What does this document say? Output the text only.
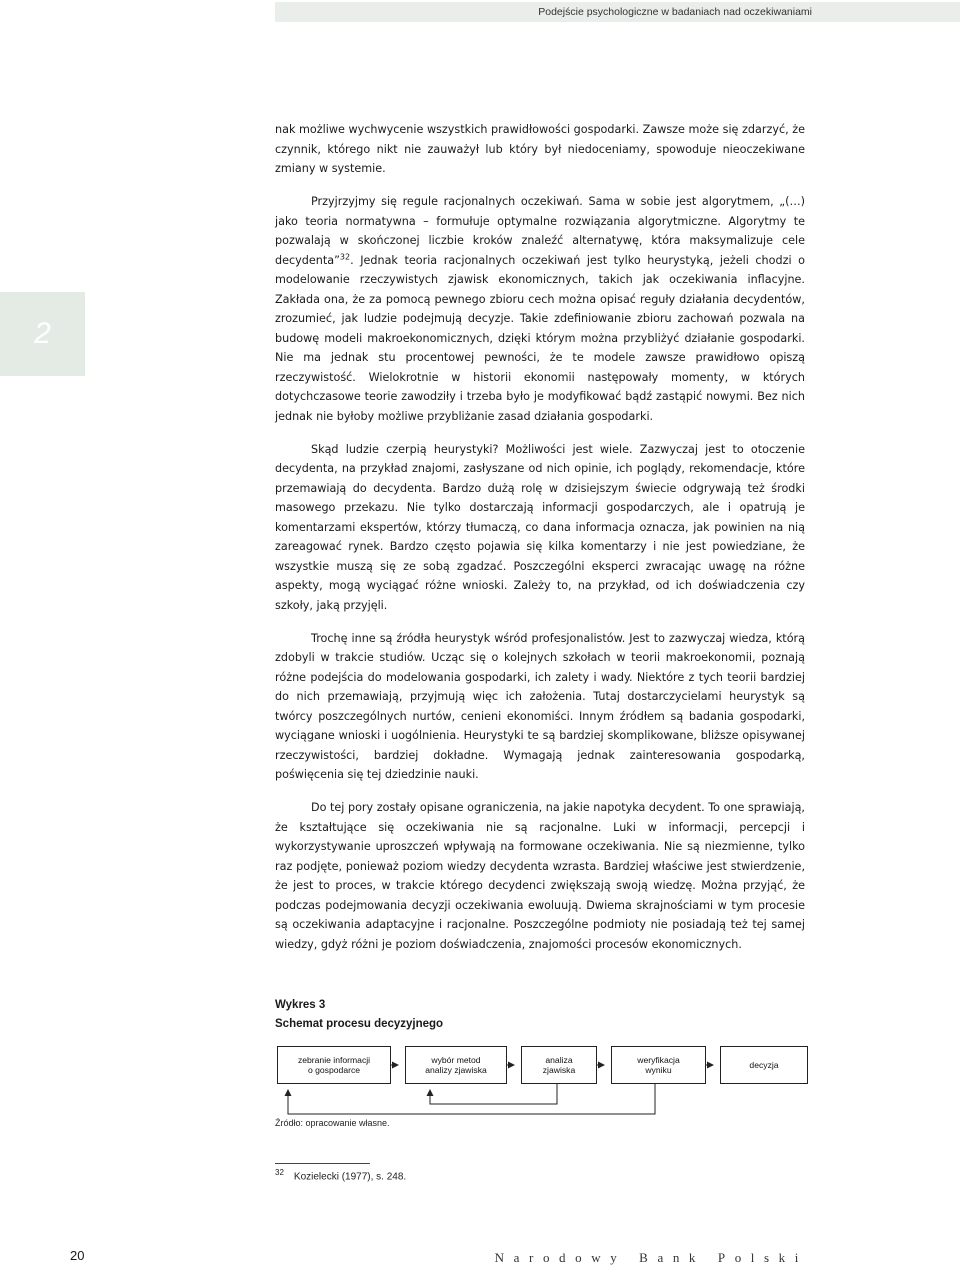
Podejście psychologiczne w badaniach nad oczekiwaniami
2

nak możliwe wychwycenie wszystkich prawidłowości gospodarki. Zawsze może się zdarzyć, że czynnik, którego nikt nie zauważył lub który był niedoceniamy, spowoduje nieoczekiwane zmiany w systemie.

Przyjrzyjmy się regule racjonalnych oczekiwań. Sama w sobie jest algorytmem, „(…) jako teoria normatywna – formułuje optymalne rozwiązania algorytmiczne. Algorytmy te pozwalają w skończonej liczbie kroków znaleźć alternatywę, która maksymalizuje cele decydenta”$^{32}$. Jednak teoria racjonalnych oczekiwań jest tylko heurystyką, jeżeli chodzi o modelowanie rzeczywistych zjawisk ekonomicznych, takich jak oczekiwania inflacyjne. Zakłada ona, że za pomocą pewnego zbioru cech można opisać reguły działania decydentów, zrozumieć, jak ludzie podejmują decyzje. Takie zdefiniowanie zbioru zachowań pozwala na budowę modeli makroekonomicznych, dzięki którym można przybliżyć działanie gospodarki. Nie ma jednak stu procentowej pewności, że te modele zawsze prawidłowo opiszą rzeczywistość. Wielokrotnie w historii ekonomii następowały momenty, w których dotychczasowe teorie zawodziły i trzeba było je modyfikować bądź zastąpić nowymi. Bez nich jednak nie byłoby możliwe przybliżanie zasad działania gospodarki.

Skąd ludzie czerpią heurystyki? Możliwości jest wiele. Zazwyczaj jest to otoczenie decydenta, na przykład znajomi, zasłyszane od nich opinie, ich poglądy, rekomendacje, które przemawiają do decydenta. Bardzo dużą rolę w dzisiejszym świecie odgrywają też środki masowego przekazu. Nie tylko dostarczają informacji gospodarczych, ale i opatrują je komentarzami ekspertów, którzy tłumaczą, co dana informacja oznacza, jak powinien na nią zareagować rynek. Bardzo często pojawia się kilka komentarzy i nie jest powiedziane, że wszystkie muszą się ze sobą zgadzać. Poszczególni eksperci zwracając uwagę na różne aspekty, mogą wyciągać różne wnioski. Zależy to, na przykład, od ich doświadczenia czy szkoły, jaką przyjęli.

Trochę inne są źródła heurystyk wśród profesjonalistów. Jest to zazwyczaj wiedza, którą zdobyli w trakcie studiów. Ucząc się o kolejnych szkołach w teorii makroekonomii, poznają różne podejścia do modelowania gospodarki, ich zalety i wady. Niektóre z tych teorii bardziej do nich przemawiają, przyjmują więc ich założenia. Tutaj dostarczycielami heurystyk są twórcy poszczególnych nurtów, cenieni ekonomiści. Innym źródłem są badania gospodarki, wyciągane wnioski i uogólnienia. Heurystyki te są bardziej skomplikowane, bliższe opisywanej rzeczywistości, bardziej dokładne. Wymagają jednak zainteresowania gospodarką, poświęcenia się tej dziedzinie nauki.

Do tej pory zostały opisane ograniczenia, na jakie napotyka decydent. To one sprawiają, że kształtujące się oczekiwania nie są racjonalne. Luki w informacji, percepcji i wykorzystywanie uproszczeń wpływają na formowane oczekiwania. Nie są niezmienne, tylko raz podjęte, ponieważ poziom wiedzy decydenta wzrasta. Bardziej właściwe jest stwierdzenie, że jest to proces, w trakcie którego decydenci zwiększają swoją wiedzę. Można przyjąć, że podczas podejmowania decyzji oczekiwania ewoluują. Dwiema skrajnościami w tym procesie są oczekiwania adaptacyjne i racjonalne. Poszczególne podmioty nie posiadają też tej samej wiedzy, gdyż różni je poziom doświadczenia, znajomości procesów ekonomicznych.

Wykres 3
Schemat procesu decyzyjnego
zebranie informacji
o gospodarce
wybór metod
analizy zjawiska
analiza
zjawiska
weryfikacja
wyniku
decyzja
Źródło: opracowanie własne.
$^{32}$ Kozielecki (1977), s. 248.
20	Narodowy Bank Polski
